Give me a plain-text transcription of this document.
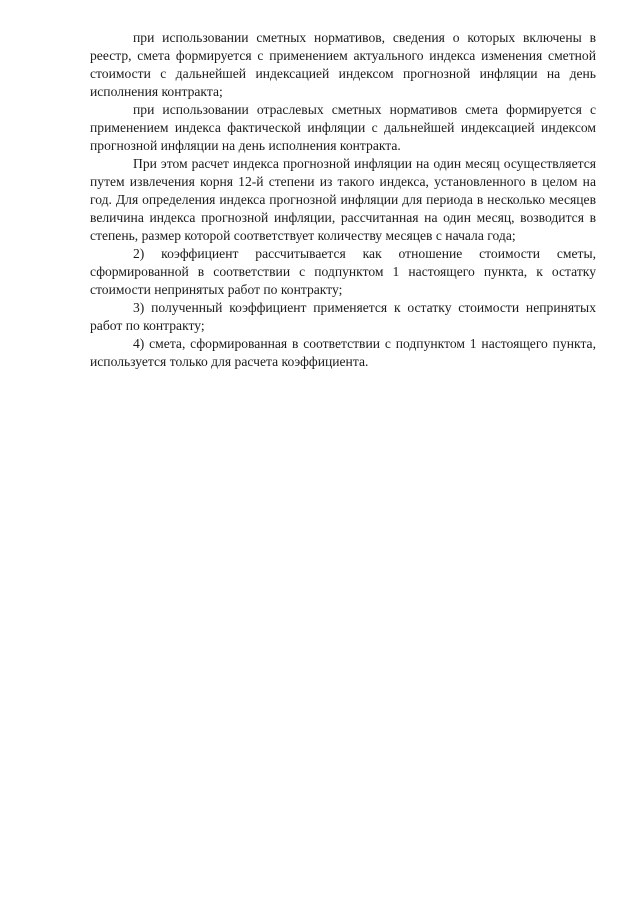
при использовании сметных нормативов, сведения о которых включены в реестр, смета формируется с применением актуального индекса изменения сметной стоимости с дальнейшей индексацией индексом прогнозной инфляции на день исполнения контракта;

при использовании отраслевых сметных нормативов смета формируется с применением индекса фактической инфляции с дальнейшей индексацией индексом прогнозной инфляции на день исполнения контракта.

При этом расчет индекса прогнозной инфляции на один месяц осуществляется путем извлечения корня 12-й степени из такого индекса, установленного в целом на год. Для определения индекса прогнозной инфляции для периода в несколько месяцев величина индекса прогнозной инфляции, рассчитанная на один месяц, возводится в степень, размер которой соответствует количеству месяцев с начала года;

2) коэффициент рассчитывается как отношение стоимости сметы, сформированной в соответствии с подпунктом 1 настоящего пункта, к остатку стоимости непринятых работ по контракту;

3) полученный коэффициент применяется к остатку стоимости непринятых работ по контракту;

4) смета, сформированная в соответствии с подпунктом 1 настоящего пункта, используется только для расчета коэффициента.
